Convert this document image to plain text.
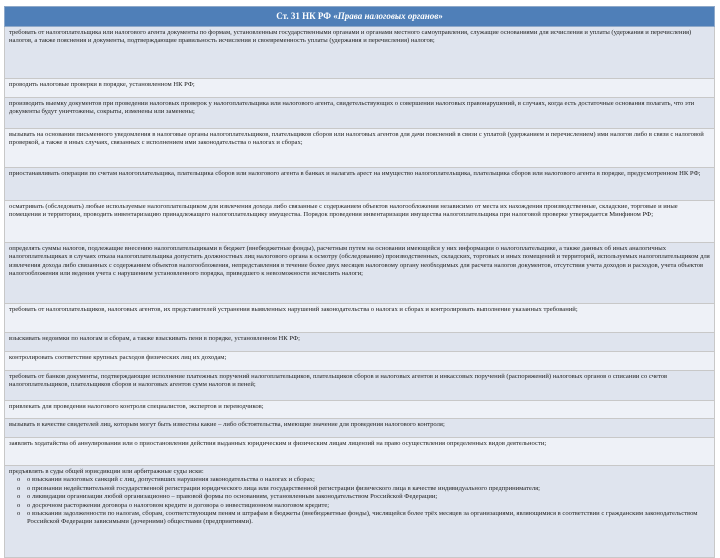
Ст. 31 НК РФ «Права налоговых органов»
требовать от налогоплательщика или налогового агента документы по формам, установленным государственными органами и органами местного самоуправления, служащие основаниями для исчисления и уплаты (удержания и перечисления) налогов, а также пояснения и документы, подтверждающие правильность исчисления и своевременность уплаты (удержания и перечисления) налогов;
проводить налоговые проверки в порядке, установленном НК РФ;
производить выемку документов при проведении налоговых проверок у налогоплательщика или налогового агента, свидетельствующих о совершении налоговых правонарушений, в случаях, когда есть достаточные основания полагать, что эти документы будут уничтожены, сокрыты, изменены или заменены;
вызывать на основании письменного уведомления в налоговые органы налогоплательщиков, плательщиков сборов или налоговых агентов для дачи пояснений в связи с уплатой (удержанием и перечислением) ими налогов либо в связи с налоговой проверкой, а также в иных случаях, связанных с исполнением ими законодательства о налогах и сборах;
приостанавливать операции по счетам налогоплательщика, плательщика сборов или налогового агента в банках и налагать арест на имущество налогоплательщика, плательщика сборов или налогового агента в порядке, предусмотренном НК РФ;
осматривать (обследовать) любые используемые налогоплательщиком для извлечения дохода либо связанные с содержанием объектов налогообложения независимо от места их нахождения производственные, складские, торговые и иные помещения и территории, проводить инвентаризацию принадлежащего налогоплательщику имущества. Порядок проведения инвентаризации имущества налогоплательщика при налоговой проверке утверждается Минфином РФ;
определять суммы налогов, подлежащие внесению налогоплательщиками в бюджет (внебюджетные фонды), расчетным путем на основании имеющейся у них информации о налогоплательщике, а также данных об иных аналогичных налогоплательщиках в случаях отказа налогоплательщика допустить должностных лиц налогового органа к осмотру (обследованию) производственных, складских, торговых и иных помещений и территорий, используемых налогоплательщиком для извлечения дохода либо связанных с содержанием объектов налогообложения, непредставления в течение более двух месяцев налоговому органу необходимых для расчета налогов документов, отсутствия учета доходов и расходов, учета объектов налогообложения или ведения учета с нарушением установленного порядка, приведшего к невозможности исчислить налоги;
требовать от налогоплательщиков, налоговых агентов, их представителей устранения выявленных нарушений законодательства о налогах и сборах и контролировать выполнение указанных требований;
взыскивать недоимки по налогам и сборам, а также взыскивать пени в порядке, установленном НК РФ;
контролировать соответствие крупных расходов физических лиц их доходам;
требовать от банков документы, подтверждающие исполнение платежных поручений налогоплательщиков, плательщиков сборов и налоговых агентов и инкассовых поручений (распоряжений) налоговых органов о списании со счетов налогоплательщиков, плательщиков сборов и налоговых агентов сумм налогов и пеней;
привлекать для проведения налогового контроля специалистов, экспертов и переводчиков;
вызывать в качестве свидетелей лиц, которым могут быть известны какие – либо обстоятельства, имеющие значение для проведения налогового контроля;
заявлять ходатайства об аннулировании или о приостановлении действия выданных юридическим и физическим лицам лицензий на право осуществления определенных видов деятельности;
предъявлять в суды общей юрисдикции или арбитражные суды иски:
o о взыскании налоговых санкций с лиц, допустивших нарушения законодательства о налогах и сборах;
o о признании недействительной государственной регистрации юридического лица или государственной регистрации физического лица в качестве индивидуального предпринимателя;
o о ликвидации организации любой организационно – правовой формы по основаниям, установленным законодательством Российской Федерации;
o о досрочном расторжении договора о налоговом кредите и договора о инвестиционном налоговом кредите;
o о взыскании задолженности по налогам, сборам, соответствующим пеням и штрафам в бюджеты (внебюджетные фонды), числящейся более трёх месяцев за организациями, являющимися в соответствии с гражданским законодательством Российской Федерации зависимыми (дочерними) обществами (предприятиями).
